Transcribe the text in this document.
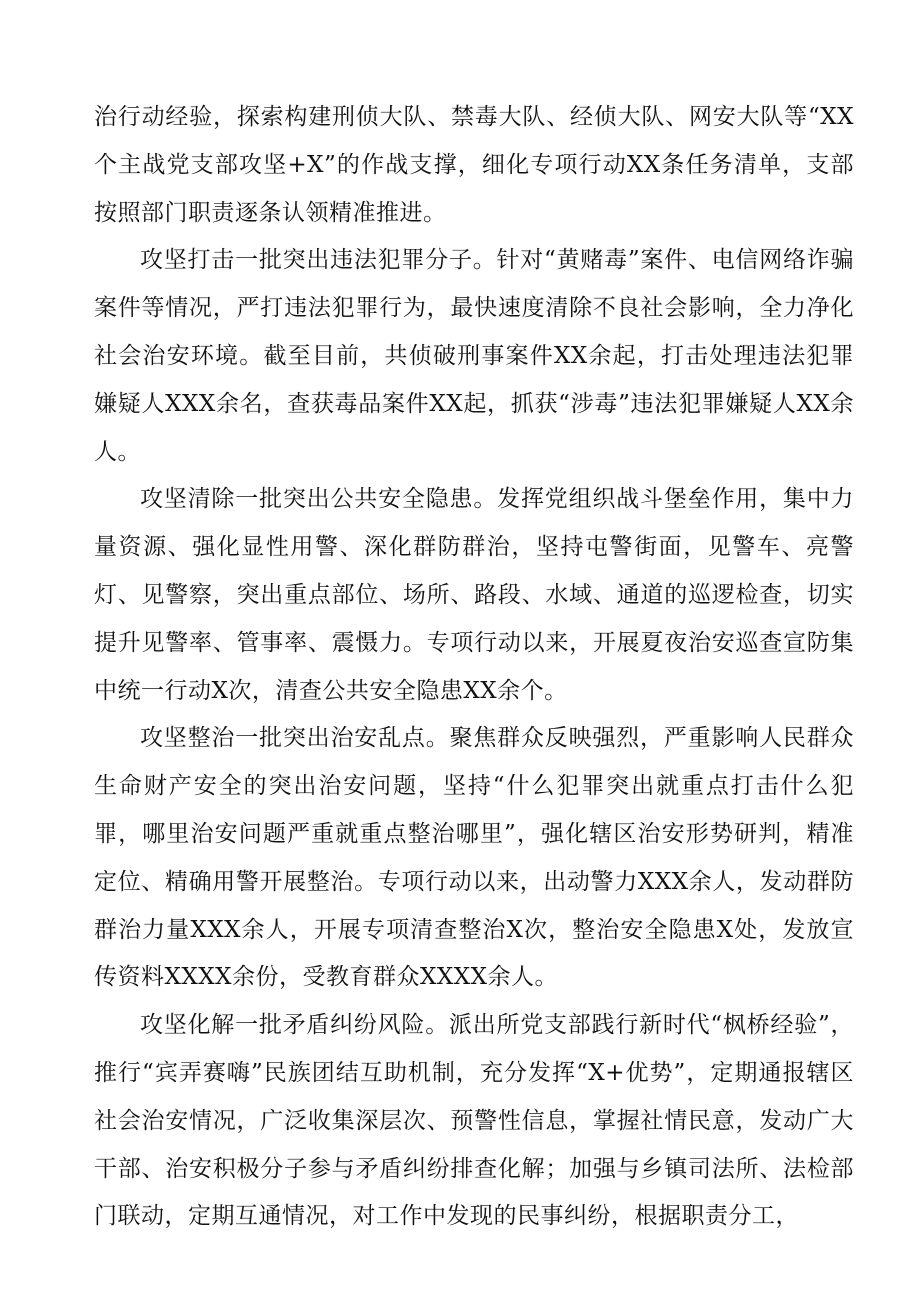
治行动经验，探索构建刑侦大队、禁毒大队、经侦大队、网安大队等“XX个主战党支部攻坚+X”的作战支撑，细化专项行动XX条任务清单，支部按照部门职责逐条认领精准推进。

攻坚打击一批突出违法犯罪分子。针对“黄赌毒”案件、电信网络诈骗案件等情况，严打违法犯罪行为，最快速度清除不良社会影响，全力净化社会治安环境。截至目前，共侦破刑事案件XX余起，打击处理违法犯罪嫌疑人XXX余名，查获毒品案件XX起，抓获“涉毒”违法犯罪嫌疑人XX余人。

攻坚清除一批突出公共安全隐患。发挥党组织战斗堡垒作用，集中力量资源、强化显性用警、深化群防群治，坚持屯警街面，见警车、亮警灯、见警察，突出重点部位、场所、路段、水域、通道的巡逻检查，切实提升见警率、管事率、震慑力。专项行动以来，开展夏夜治安巡查宣防集中统一行动X次，清查公共安全隐患XX余个。

攻坚整治一批突出治安乱点。聚焦群众反映强烈，严重影响人民群众生命财产安全的突出治安问题，坚持“什么犯罪突出就重点打击什么犯罪，哪里治安问题严重就重点整治哪里”，强化辖区治安形势研判，精准定位、精确用警开展整治。专项行动以来，出动警力XXX余人，发动群防群治力量XXX余人，开展专项清查整治X次，整治安全隐患X处，发放宣传资料XXXX余份，受教育群众XXXX余人。

攻坚化解一批矛盾纠纷风险。派出所党支部践行新时代“枫桥经验”，推行“宾弄赛嗨”民族团结互助机制，充分发挥“X+优势”，定期通报辖区社会治安情况，广泛收集深层次、预警性信息，掌握社情民意，发动广大干部、治安积极分子参与矛盾纠纷排查化解；加强与乡镇司法所、法检部门联动，定期互通情况，对工作中发现的民事纠纷，根据职责分工，
